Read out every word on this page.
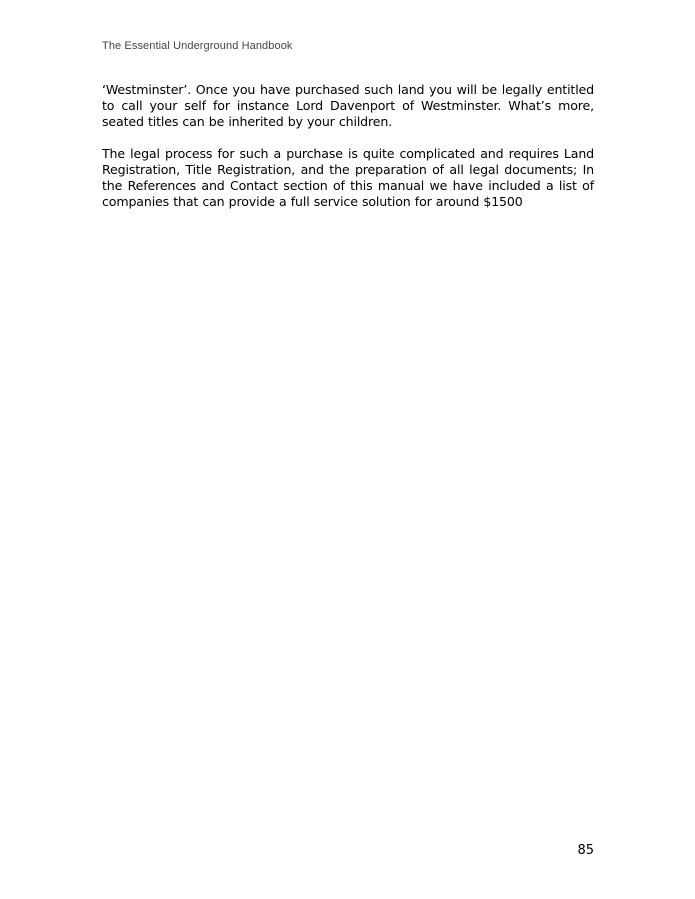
The Essential Underground Handbook

‘Westminster’. Once you have purchased such land you will be legally entitled to call your self for instance Lord Davenport of Westminster. What’s more, seated titles can be inherited by your children.

The legal process for such a purchase is quite complicated and requires Land Registration, Title Registration, and the preparation of all legal documents; In the References and Contact section of this manual we have included a list of companies that can provide a full service solution for around $1500

85
